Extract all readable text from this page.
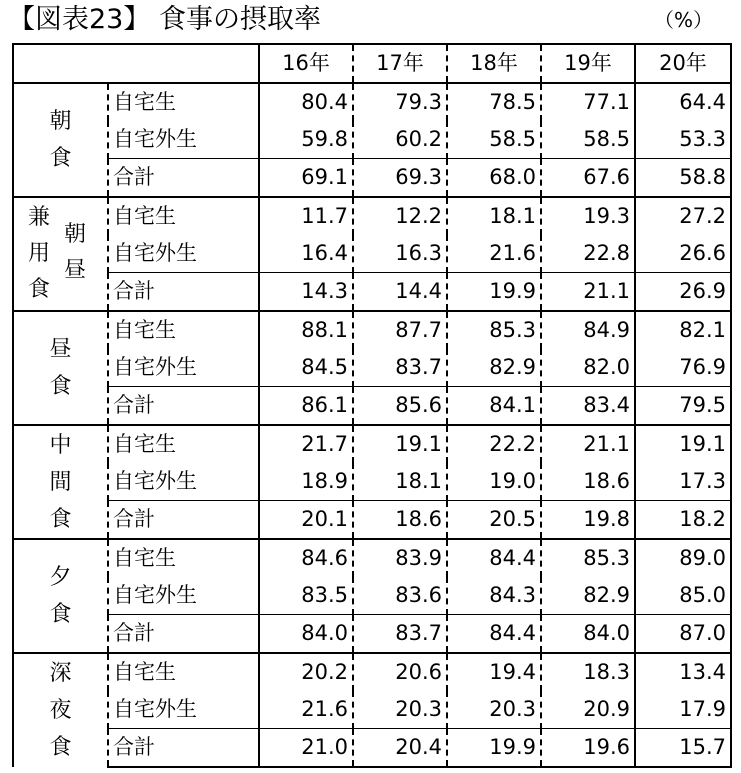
【図表23】 食事の摂取率	（%）
		16年	17年	18年	19年	20年

朝
食	自宅生	80.4	79.3	78.5	77.1	64.4
	自宅外生	59.8	60.2	58.5	58.5	53.3
	合計	69.1	69.3	68.0	67.6	58.8

兼
用
食
朝
昼	自宅生	11.7	12.2	18.1	19.3	27.2
	自宅外生	16.4	16.3	21.6	22.8	26.6
	合計	14.3	14.4	19.9	21.1	26.9

昼
食	自宅生	88.1	87.7	85.3	84.9	82.1
	自宅外生	84.5	83.7	82.9	82.0	76.9
	合計	86.1	85.6	84.1	83.4	79.5

中
間
食	自宅生	21.7	19.1	22.2	21.1	19.1
	自宅外生	18.9	18.1	19.0	18.6	17.3
	合計	20.1	18.6	20.5	19.8	18.2

夕
食	自宅生	84.6	83.9	84.4	85.3	89.0
	自宅外生	83.5	83.6	84.3	82.9	85.0
	合計	84.0	83.7	84.4	84.0	87.0

深
夜
食	自宅生	20.2	20.6	19.4	18.3	13.4
	自宅外生	21.6	20.3	20.3	20.9	17.9
	合計	21.0	20.4	19.9	19.6	15.7
